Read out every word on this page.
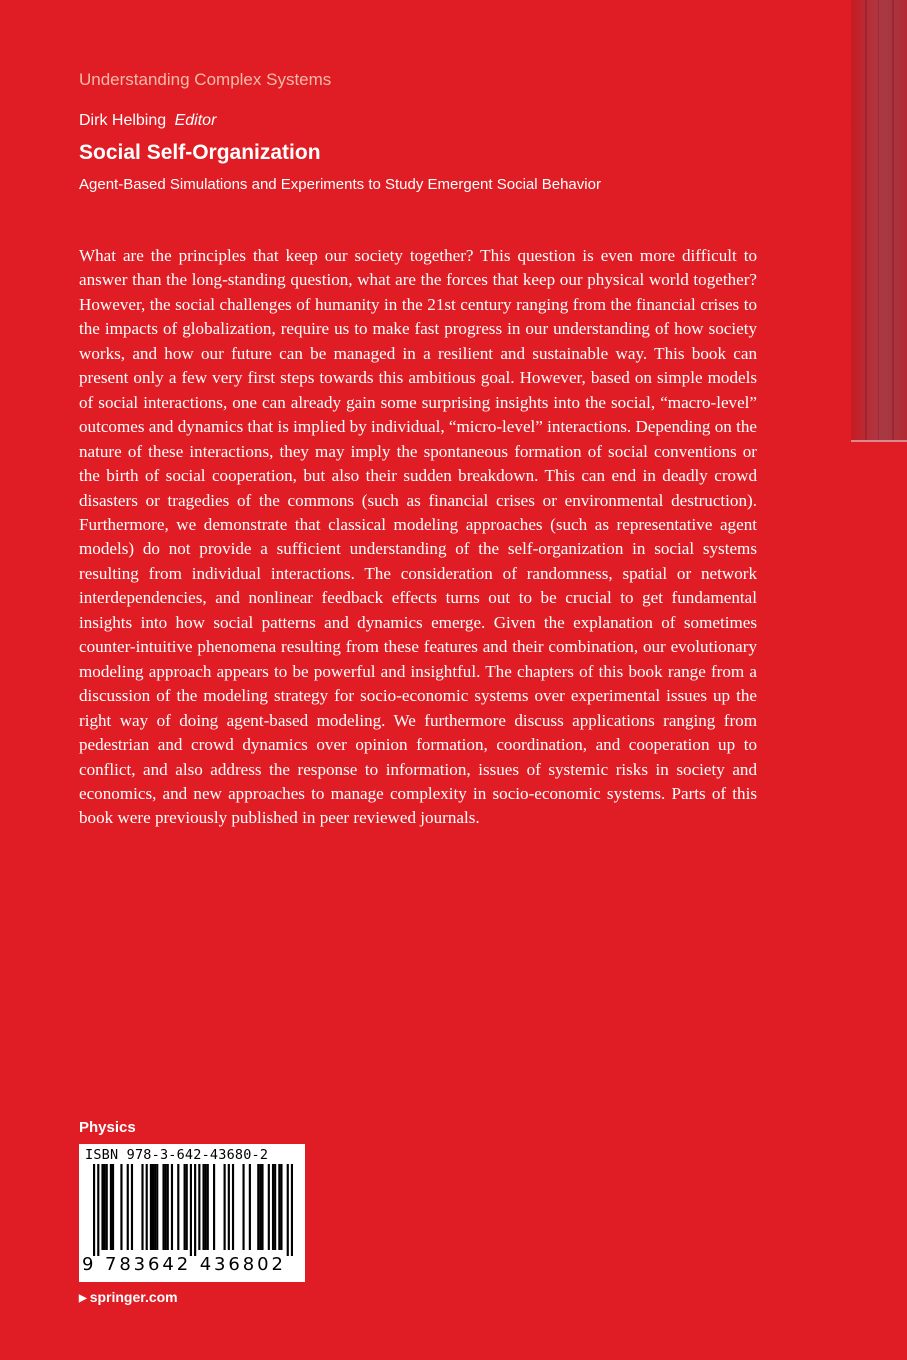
Understanding Complex Systems
Dirk Helbing Editor
Social Self-Organization
Agent-Based Simulations and Experiments to Study Emergent Social Behavior

What are the principles that keep our society together? This question is even more difficult to answer than the long-standing question, what are the forces that keep our physical world together? However, the social challenges of humanity in the 21st century ranging from the financial crises to the impacts of globalization, require us to make fast progress in our understanding of how society works, and how our future can be managed in a resilient and sustainable way. This book can present only a few very first steps towards this ambitious goal. However, based on simple models of social interactions, one can already gain some surprising insights into the social, “macro-level” outcomes and dynamics that is implied by individual, “micro-level” interactions. Depending on the nature of these interactions, they may imply the spontaneous formation of social conventions or the birth of social cooperation, but also their sudden breakdown. This can end in deadly crowd disasters or tragedies of the commons (such as financial crises or environmental destruction). Furthermore, we demonstrate that classical modeling approaches (such as representative agent models) do not provide a sufficient understanding of the self-organization in social systems resulting from individual interactions. The consideration of randomness, spatial or network interdependencies, and nonlinear feedback effects turns out to be crucial to get fundamental insights into how social patterns and dynamics emerge. Given the explanation of sometimes counter-intuitive phenomena resulting from these features and their combination, our evolutionary modeling approach appears to be powerful and insightful. The chapters of this book range from a discussion of the modeling strategy for socio-economic systems over experimental issues up the right way of doing agent-based modeling. We furthermore discuss applications ranging from pedestrian and crowd dynamics over opinion formation, coordination, and cooperation up to conflict, and also address the response to information, issues of systemic risks in society and economics, and new approaches to manage complexity in socio-economic systems. Parts of this book were previously published in peer reviewed journals.

Physics
ISBN 978-3-642-43680-2
9 783642 436802
▶ springer.com
